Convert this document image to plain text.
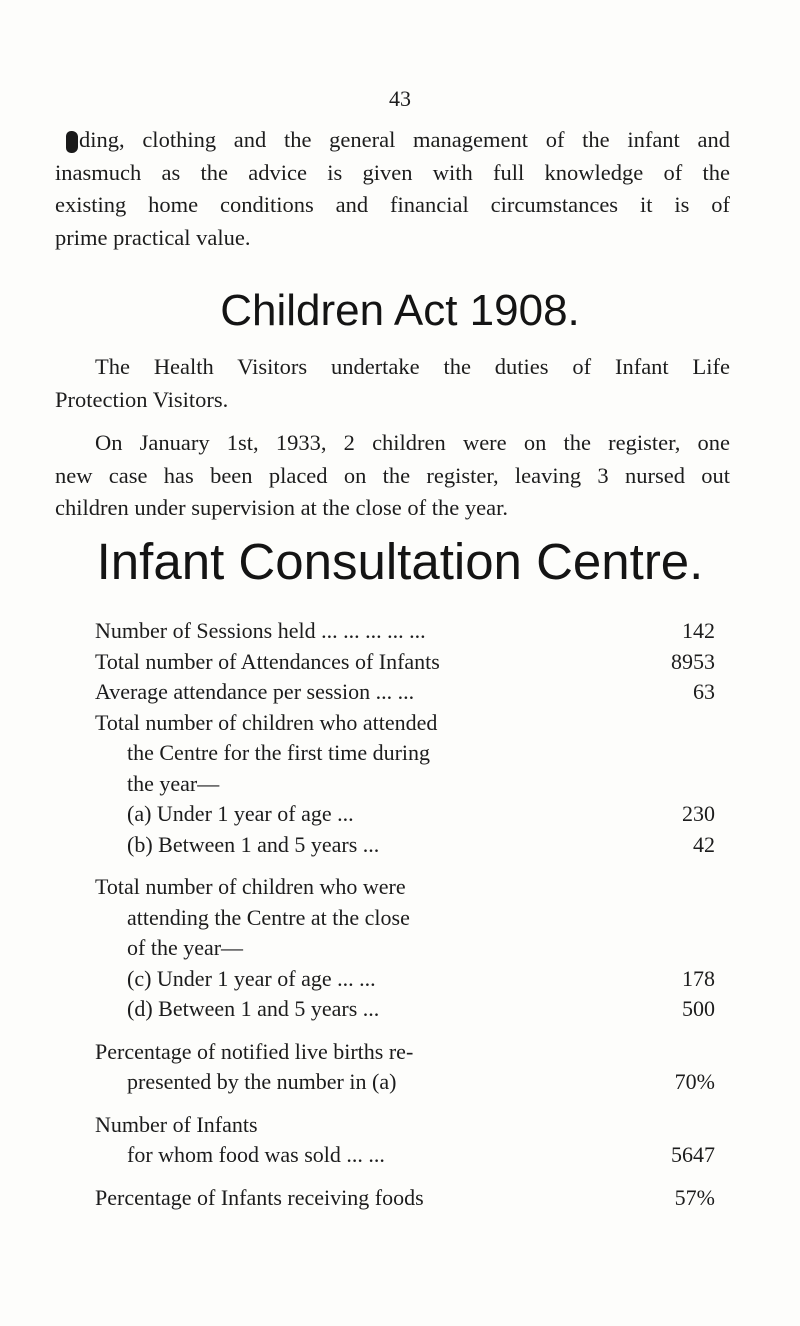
43
ding, clothing and the general management of the infant and
inasmuch as the advice is given with full knowledge of the
existing home conditions and financial circumstances it is of
prime practical value.
Children Act 1908.
The Health Visitors undertake the duties of Infant Life
Protection Visitors.
On January 1st, 1933, 2 children were on the register, one
new case has been placed on the register, leaving 3 nursed out
children under supervision at the close of the year.
Infant Consultation Centre.
Number of Sessions held ... ... ... ... ...	142
Total number of Attendances of Infants	8953
Average attendance per session ... ...	63
Total number of children who attended
the Centre for the first time during
the year—
(a) Under 1 year of age ...	230
(b) Between 1 and 5 years ...	42
Total number of children who were
attending the Centre at the close
of the year—
(c) Under 1 year of age ... ...	178
(d) Between 1 and 5 years ...	500
Percentage of notified live births re-
presented by the number in (a)	70%
Number of Infants
for whom food was sold ... ...	5647
Percentage of Infants receiving foods	57%
